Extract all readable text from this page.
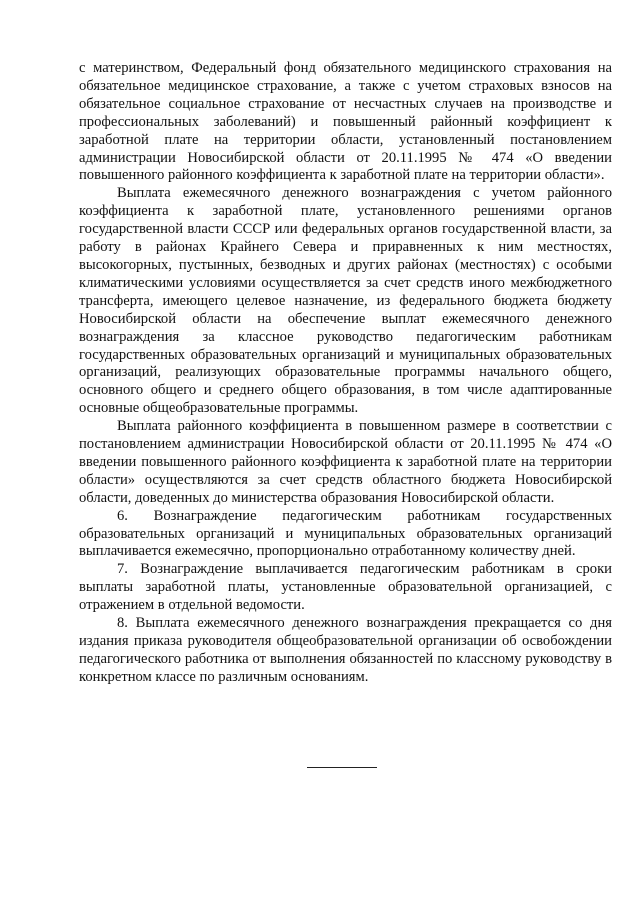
с материнством, Федеральный фонд обязательного медицинского страхования на обязательное медицинское страхование, а также с учетом страховых взносов на обязательное социальное страхование от несчастных случаев на производстве и профессиональных заболеваний) и повышенный районный коэффициент к заработной плате на территории области, установленный постановлением администрации Новосибирской области от 20.11.1995 № 474 «О введении повышенного районного коэффициента к заработной плате на территории области».

Выплата ежемесячного денежного вознаграждения с учетом районного коэффициента к заработной плате, установленного решениями органов государственной власти СССР или федеральных органов государственной власти, за работу в районах Крайнего Севера и приравненных к ним местностях, высокогорных, пустынных, безводных и других районах (местностях) с особыми климатическими условиями осуществляется за счет средств иного межбюджетного трансферта, имеющего целевое назначение, из федерального бюджета бюджету Новосибирской области на обеспечение выплат ежемесячного денежного вознаграждения за классное руководство педагогическим работникам государственных образовательных организаций и муниципальных образовательных организаций, реализующих образовательные программы начального общего, основного общего и среднего общего образования, в том числе адаптированные основные общеобразовательные программы.

Выплата районного коэффициента в повышенном размере в соответствии с постановлением администрации Новосибирской области от 20.11.1995 № 474 «О введении повышенного районного коэффициента к заработной плате на территории области» осуществляются за счет средств областного бюджета Новосибирской области, доведенных до министерства образования Новосибирской области.

6. Вознаграждение педагогическим работникам государственных образовательных организаций и муниципальных образовательных организаций выплачивается ежемесячно, пропорционально отработанному количеству дней.

7. Вознаграждение выплачивается педагогическим работникам в сроки выплаты заработной платы, установленные образовательной организацией, с отражением в отдельной ведомости.

8. Выплата ежемесячного денежного вознаграждения прекращается со дня издания приказа руководителя общеобразовательной организации об освобождении педагогического работника от выполнения обязанностей по классному руководству в конкретном классе по различным основаниям.
